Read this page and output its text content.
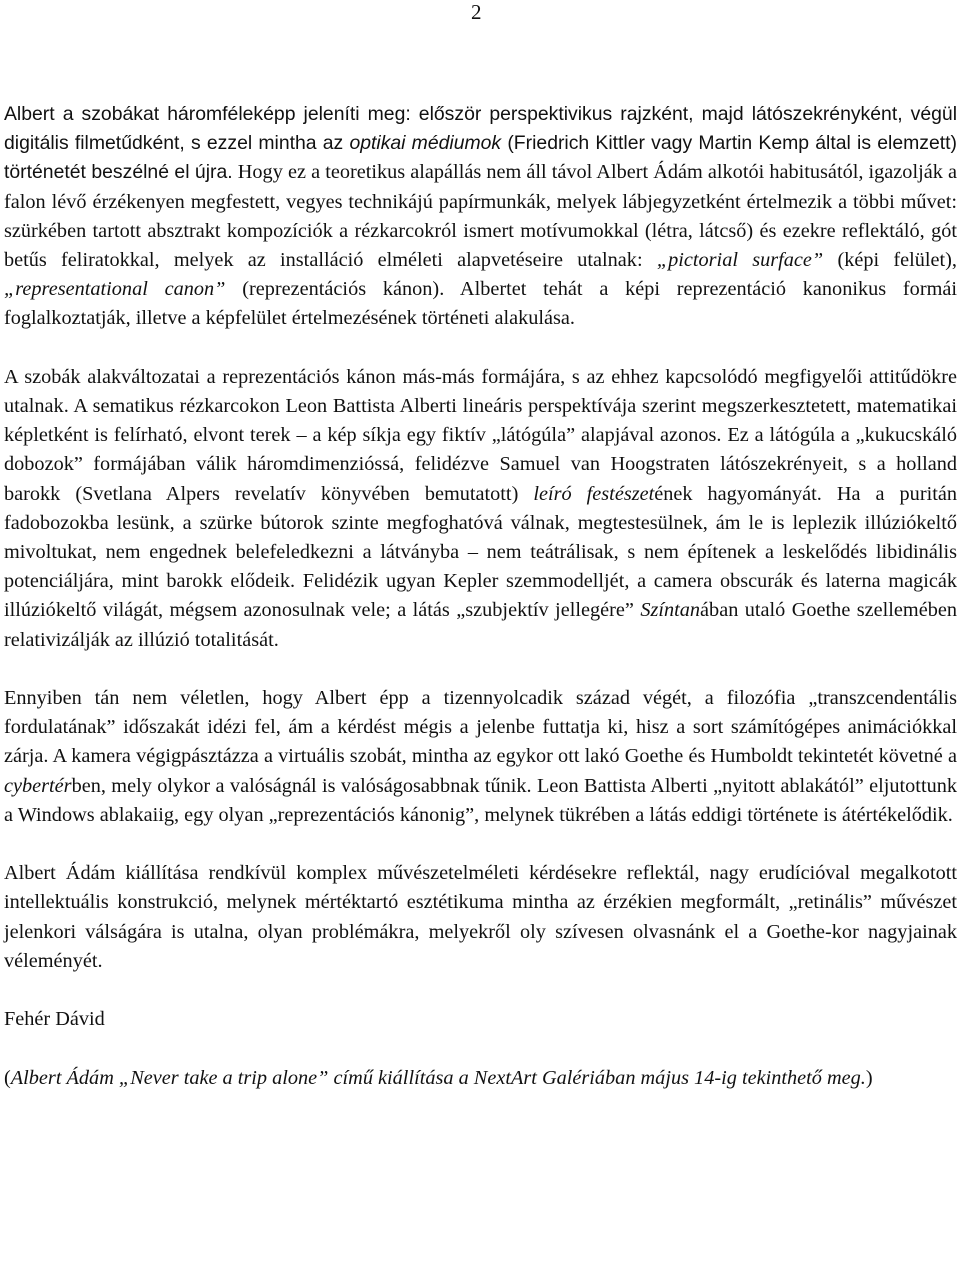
2

Albert a szobákat háromféleképp jeleníti meg: először perspektivikus rajzként, majd látószekrényként, végül digitális filmetűdként, s ezzel mintha az optikai médiumok (Friedrich Kittler vagy Martin Kemp által is elemzett) történetét beszélné el újra. Hogy ez a teoretikus alapállás nem áll távol Albert Ádám alkotói habitusától, igazolják a falon lévő érzékenyen megfestett, vegyes technikájú papírmunkák, melyek lábjegyzetként értelmezik a többi művet: szürkében tartott absztrakt kompozíciók a rézkarcokról ismert motívumokkal (létra, látcső) és ezekre reflektáló, gót betűs feliratokkal, melyek az installáció elméleti alapvetéseire utalnak: „pictorial surface” (képi felület), „representational canon” (reprezentációs kánon). Albertet tehát a képi reprezentáció kanonikus formái foglalkoztatják, illetve a képfelület értelmezésének történeti alakulása.

A szobák alakváltozatai a reprezentációs kánon más-más formájára, s az ehhez kapcsolódó megfigyelői attitűdökre utalnak. A sematikus rézkarcokon Leon Battista Alberti lineáris perspektívája szerint megszerkesztetett, matematikai képletként is felírható, elvont terek – a kép síkja egy fiktív „látógúla” alapjával azonos. Ez a látógúla a „kukucskáló dobozok” formájában válik háromdimenzióssá, felidézve Samuel van Hoogstraten látószekrényeit, s a holland barokk (Svetlana Alpers revelatív könyvében bemutatott) leíró festészetének hagyományát. Ha a puritán fadobozokba lesünk, a szürke bútorok szinte megfoghatóvá válnak, megtestesülnek, ám le is leplezik illúziókeltő mivoltukat, nem engednek belefeledkezni a látványba – nem teátrálisak, s nem építenek a leskelődés libidinális potenciáljára, mint barokk elődeik. Felidézik ugyan Kepler szemmodelljét, a camera obscurák és laterna magicák illúziókeltő világát, mégsem azonosulnak vele; a látás „szubjektív jellegére” Színtanában utaló Goethe szellemében relativizálják az illúzió totalitását.

Ennyiben tán nem véletlen, hogy Albert épp a tizennyolcadik század végét, a filozófia „transzcendentális fordulatának” időszakát idézi fel, ám a kérdést mégis a jelenbe futtatja ki, hisz a sort számítógépes animációkkal zárja. A kamera végigpásztázza a virtuális szobát, mintha az egykor ott lakó Goethe és Humboldt tekintetét követné a cybertérben, mely olykor a valóságnál is valóságosabbnak tűnik. Leon Battista Alberti „nyitott ablakától” eljutottunk a Windows ablakaiig, egy olyan „reprezentációs kánonig”, melynek tükrében a látás eddigi története is átértékelődik.

Albert Ádám kiállítása rendkívül komplex művészetelméleti kérdésekre reflektál, nagy erudícióval megalkotott intellektuális konstrukció, melynek mértéktartó esztétikuma mintha az érzékien megformált, „retinális” művészet jelenkori válságára is utalna, olyan problémákra, melyekről oly szívesen olvasnánk el a Goethe-kor nagyjainak véleményét.

Fehér Dávid

(Albert Ádám „Never take a trip alone” című kiállítása a NextArt Galériában május 14-ig tekinthető meg.)
